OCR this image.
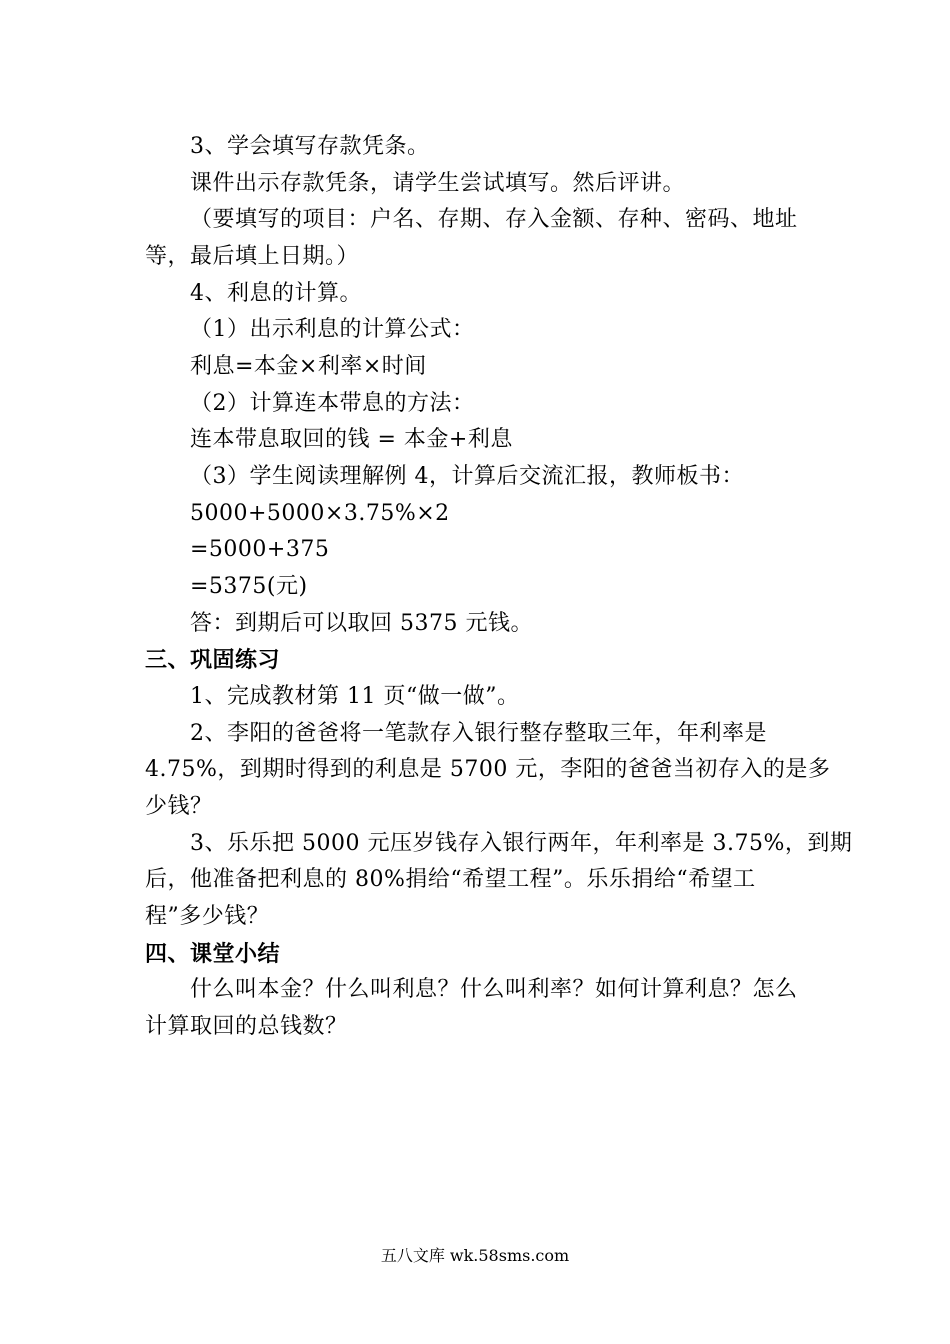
3、学会填写存款凭条。
课件出示存款凭条，请学生尝试填写。然后评讲。
（要填写的项目：户名、存期、存入金额、存种、密码、地址
等，最后填上日期。）
4、利息的计算。
（1）出示利息的计算公式：
利息=本金×利率×时间
（2）计算连本带息的方法：
连本带息取回的钱 = 本金+利息
（3）学生阅读理解例 4，计算后交流汇报，教师板书：
5000+5000×3.75%×2
=5000+375
=5375(元)
答：到期后可以取回 5375 元钱。
三、巩固练习
1、完成教材第 11 页“做一做”。
2、李阳的爸爸将一笔款存入银行整存整取三年，年利率是
4.75%，到期时得到的利息是 5700 元，李阳的爸爸当初存入的是多
少钱？
3、乐乐把 5000 元压岁钱存入银行两年，年利率是 3.75%，到期
后，他准备把利息的 80%捐给“希望工程”。乐乐捐给“希望工
程”多少钱？
四、课堂小结
什么叫本金？什么叫利息？什么叫利率？如何计算利息？怎么
计算取回的总钱数？
五八文库 wk.58sms.com
